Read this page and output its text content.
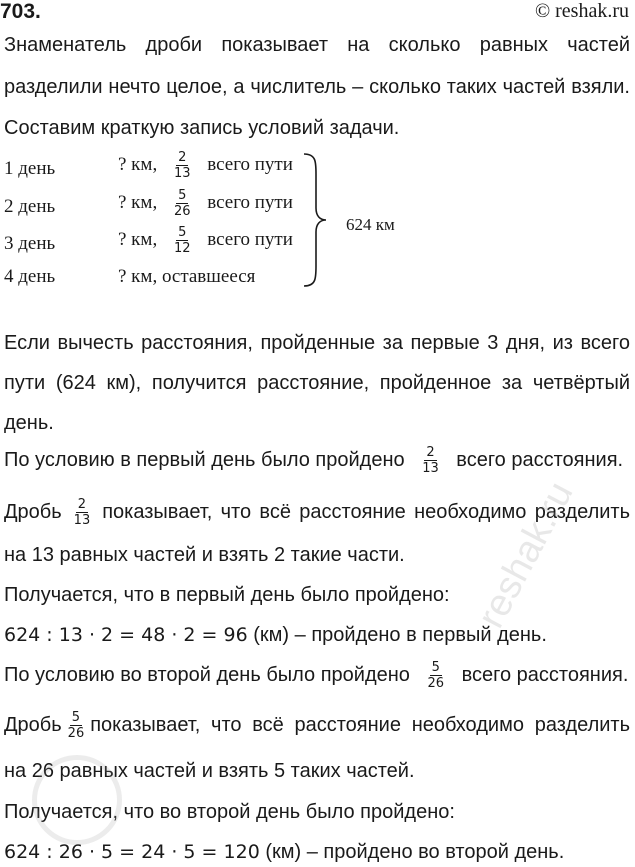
703.	© reshak.ru
Знаменатель дроби показывает на сколько равных частей
разделили нечто целое, а числитель – сколько таких частей взяли.
Составим краткую запись условий задачи.
1 день	? км, $\frac{2}{13}$ всего пути
2 день	? км, $\frac{5}{26}$ всего пути
3 день	? км, $\frac{5}{12}$ всего пути
4 день	? км, оставшееся
624 км
Если вычесть расстояния, пройденные за первые 3 дня, из всего
пути (624 км), получится расстояние, пройденное за четвёртый
день.
По условию в первый день было пройдено $\frac{2}{13}$ всего расстояния.
Дробь $\frac{2}{13}$ показывает, что всё расстояние необходимо разделить
на 13 равных частей и взять 2 такие части.
Получается, что в первый день было пройдено:
624 : 13 · 2 = 48 · 2 = 96 (км) – пройдено в первый день.
По условию во второй день было пройдено $\frac{5}{26}$ всего расстояния.
Дробь $\frac{5}{26}$ показывает, что всё расстояние необходимо разделить
на 26 равных частей и взять 5 таких частей.
Получается, что во второй день было пройдено:
624 : 26 · 5 = 24 · 5 = 120 (км) – пройдено во второй день.
reshak.ru
